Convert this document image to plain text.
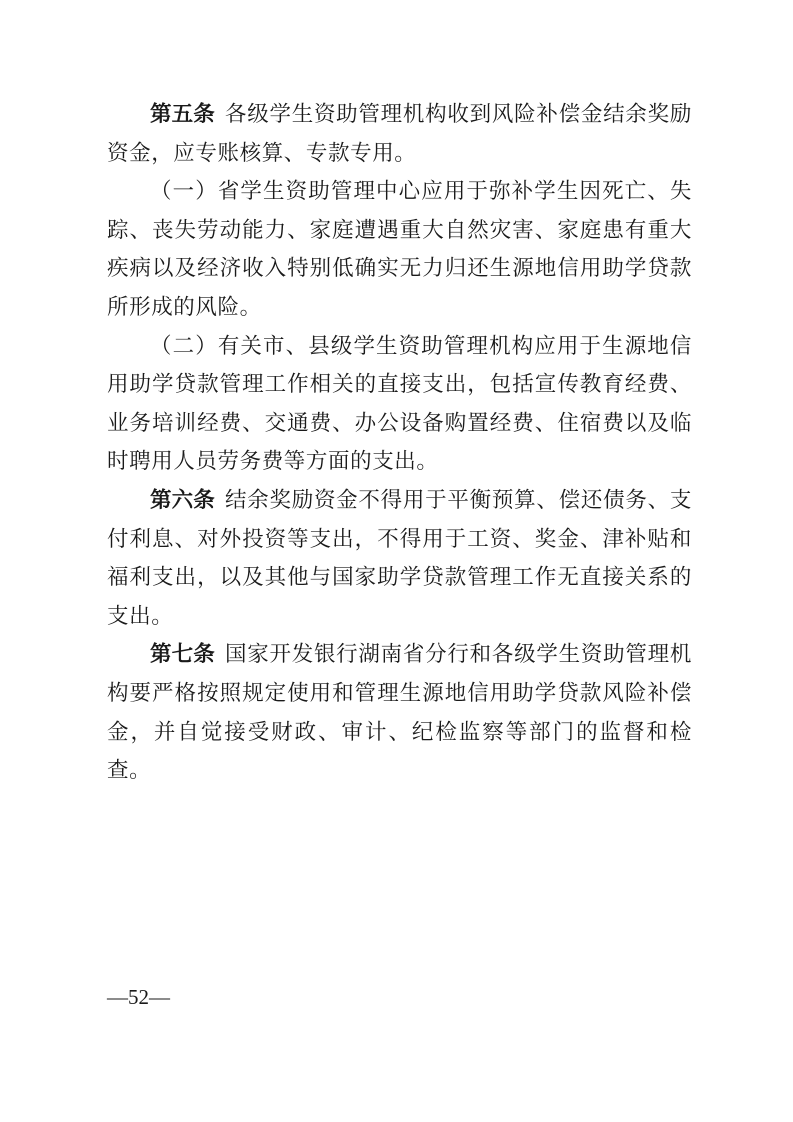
第五条 各级学生资助管理机构收到风险补偿金结余奖励资金，应专账核算、专款专用。

（一）省学生资助管理中心应用于弥补学生因死亡、失踪、丧失劳动能力、家庭遭遇重大自然灾害、家庭患有重大疾病以及经济收入特别低确实无力归还生源地信用助学贷款所形成的风险。

（二）有关市、县级学生资助管理机构应用于生源地信用助学贷款管理工作相关的直接支出，包括宣传教育经费、业务培训经费、交通费、办公设备购置经费、住宿费以及临时聘用人员劳务费等方面的支出。

第六条 结余奖励资金不得用于平衡预算、偿还债务、支付利息、对外投资等支出，不得用于工资、奖金、津补贴和福利支出，以及其他与国家助学贷款管理工作无直接关系的支出。

第七条 国家开发银行湖南省分行和各级学生资助管理机构要严格按照规定使用和管理生源地信用助学贷款风险补偿金，并自觉接受财政、审计、纪检监察等部门的监督和检查。

—52—
